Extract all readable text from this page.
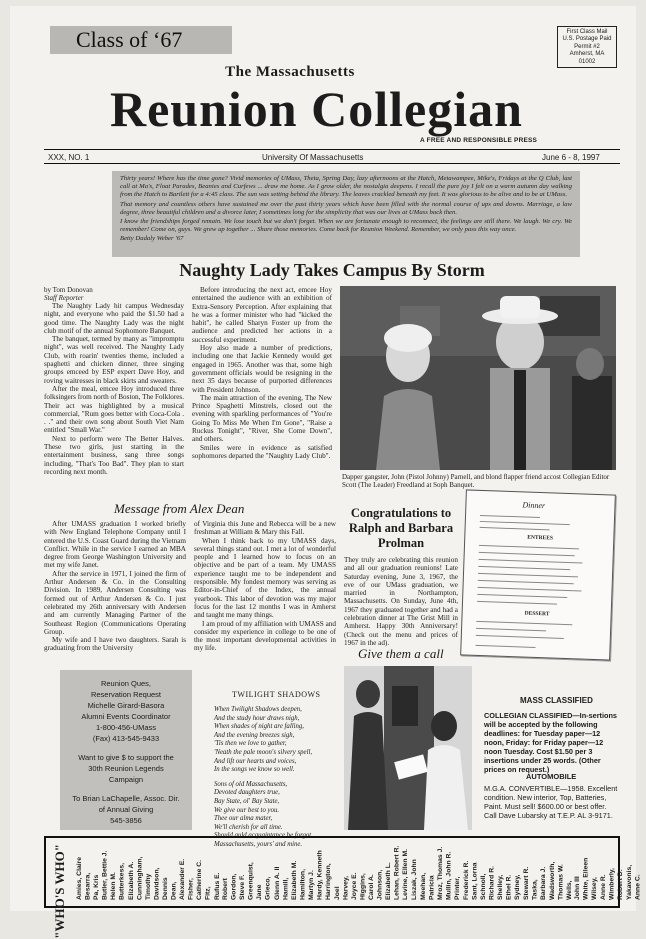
Class of ‘67	First Class Mail
U.S. Postage Paid
Permit #2
Amherst, MA
01002
The Massachusetts
Reunion Collegian
A FREE AND RESPONSIBLE PRESS
XXX, NO. 1	University Of Massachusetts	June 6 - 8, 1997

Thirty years! Where has the time gone? Vivid memories of UMass, Theta, Spring Day, lazy afternoons at the Hatch, Metawampee, Mike's, Fridays at the Q Club, last call at Ma's, Float Parades, Beanies and Curfews ... draw me home. As I grow older, the nostalgia deepens. I recall the pure joy I felt on a warm autumn day walking from the Hatch to Bartlett for a 4:45 class. The sun was setting behind the library. The leaves crackled beneath my feet. It was glorious to be alive and to be at UMass.

That memory and countless others have sustained me over the past thirty years which have been filled with the normal course of ups and downs. Marriage, a law degree, three beautiful children and a divorce later, I sometimes long for the simplicity that was our lives at UMass back then.

I know the friendships forged remain. We lose touch but we don't forget. When we are fortunate enough to reconnect, the feelings are still there. We laugh. We cry. We remember! Come on, guys. We grew up together ... Share those memories. Come back for Reunion Weekend. Remember, we only pass this way once.

Betty Dadaly Weber '67

Naughty Lady Takes Campus By Storm
by Tom Donovan
Staff Reporter

The Naughty Lady hit campus Wednesday night, and everyone who paid the $1.50 had a good time. The Naughty Lady was the night club motif of the annual Sophomore Banquet.

The banquet, termed by many as "impromptu night", was well received. The Naughty Lady Club, with roarin' twenties theme, included a spaghetti and chicken dinner, three singing groups emceed by ESP expert Dave Hoy, and roving waitresses in black skirts and sweaters.

After the meal, emcee Hoy introduced three folksingers from north of Boston, The Folklores. Their act was highlighted by a musical commercial, "Rum goes better with Coca-Cola . . ." and their own song about South Viet Nam entitled "Small War."

Next to perform were The Better Halves. These two girls, just starting in the entertainment business, sang three songs including, "That's Too Bad". They plan to start recording next month.

Before introducing the next act, emcee Hoy entertained the audience with an exhibition of Extra-Sensory Perception. After explaining that he was a former minister who had "kicked the habit", he called Sharyn Foster up from the audience and predicted her actions in a successful experiment.

Hoy also made a number of predictions, including one that Jackie Kennedy would get engaged in 1965. Another was that, some high government officials would be resigning in the next 35 days because of purported differences with President Johnson.

The main attraction of the evening, The New Prince Spaghetti Minstrels, closed out the evening with sparkling performances of "You're Going To Miss Me When I'm Gone", "Raise a Ruckus Tonight", "River, She Come Down", and others.

Smiles were in evidence as satisfied sophomores departed the "Naughty Lady Club".

Dapper gangster, John (Pistol Johnny) Parnell, and blond flapper friend accost Collegian Editor Scott (The Leader) Freedland at Soph Banquet.
Message from Alex Dean

After UMASS graduation I worked briefly with New England Telephone Company until I entered the U.S. Coast Guard during the Vietnam Conflict. While in the service I earned an MBA degree from George Washington University and met my wife Janet.

After the service in 1971, I joined the firm of Arthur Andersen & Co. in the Consulting Division. In 1989, Andersen Consulting was formed out of Arthur Andersen & Co. I just celebrated my 26th anniversary with Andersen and am currently Managing Partner of the Southeast Region (Communications Operating Group.

My wife and I have two daughters. Sarah is graduating from the University

of Virginia this June and Rebecca will be a new freshman at William & Mary this Fall.

When I think back to my UMASS days, several things stand out. I met a lot of wonderful people and I learned how to focus on an objective and be part of a team. My UMASS experience taught me to be independent and responsible. My fondest memory was serving as Editor-in-Chief of the Index, the annual yearbook. This labor of devotion was my major focus for the last 12 months I was in Amherst and taught me many things.

I am proud of my affiliation with UMASS and consider my experience in college to be one of the most important developmental activities in my life.

Congratulations to Ralph and Barbara Prolman
They truly are celebrating this reunion and all our graduation reunions! Late Saturday evening, June 3, 1967, the eve of our UMass graduation, we married in Northampton, Massachusetts. On Sunday, June 4th, 1967 they graduated together and had a celebration dinner at The Grist Mill in Amherst. Happy 30th Anniversary! (Check out the menu and prices of 1967 in the ad).
Dinner
ENTREES
DESSERT
Give them a call
MASS CLASSIFIED
COLLEGIAN CLASSIFIED—In-sertions will be accepted by the following deadlines: for Tuesday paper—12 noon, Friday: for Friday paper—12 noon Tuesday. Cost $1.50 per 3 insertions under 25 words. (Other prices on request.)
AUTOMOBILE
M.G.A. CONVERTIBLE—1958. Excellent condition. New interior, Top, Batteries, Paint. Must sell! $600.00 or best offer. Call Dave Lubarsky at T.E.P. AL 3-9171.
Reunion Ques,
Reservation Request
Michelle Girard-Basora
Alumni Events Coordinator
1-800-456-UMass
(Fax) 413-545-9433
Want to give $ to support the
30th Reunion Legends
Campaign
To Brian LaChapelle, Assoc. Dir.
of Annual Giving
545-3856
TWILIGHT SHADOWS
When Twilight Shadows deepen,
And the study hour draws nigh,
When shades of night are falling,
And the evening breezes sigh,
'Tis then we love to gather,
'Neath the pale moon's silvery spell,
And lift our hearts and voices,
In the songs we know so well.
Sons of old Massachusetts,
Devoted daughters true,
Bay State, ol' Bay State,
We give our best to you.
Thee our alma mater,
We'll cherish for all time.
Should auld acquaintance be forgot,
Massachusetts, yours' and mine.
"WHO'S WHO" Amies, Claire
Besarra, Pa, Kris
Butler, Bettie J.
Helen M.
Butterkess, Elizabeth A.
Cunningham, Timothy
Davidson, Dennis
Dean, Alexander E.
Fisher, Catherine C.
Fitz, Rufus E. Robert
Gordon, Steve F.
Greenquist, Jane
Grieco, Glenn A. II
Hamill, Elizabeth M.
Hamilton, Martyn J.
Hardy, Kenneth
Harrington, Joel
Harvey, Joyce E.
Higgins, Carol A.
Johnson, Elizabeth L.
Lehan, Robert R.
Levine, Ellen M.
Liszak, John
Meehan,
Patricia Mroz, Thomas J.
Mullin, John R.
Printer, Frederick R.
Sant, Lorna
Schnoll,
Richard R.
Shelley,
Ethel R.
Sydney, Stewart R.
Taska,
Barbara J. Wadsworth,
Thomas W.
Wells, John III
White, Eileen
Wilsey, Anne R.
Wimberly,
Robert D. Yakavonis,
Anne C.
